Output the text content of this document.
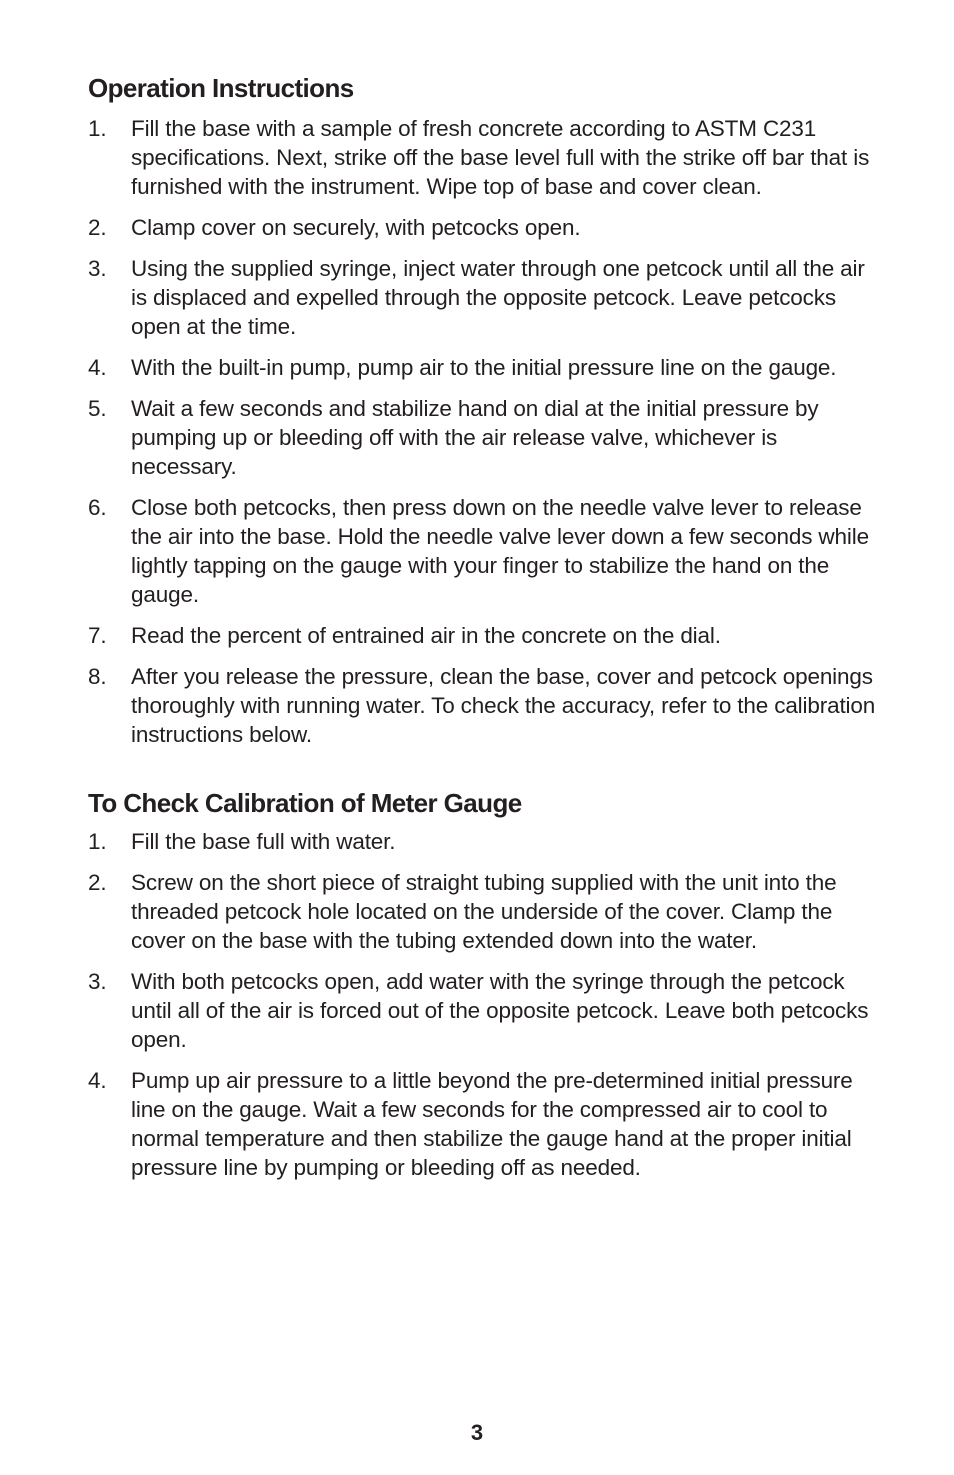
Operation Instructions
1. Fill the base with a sample of fresh concrete according to ASTM C231 specifications. Next, strike off the base level full with the strike off bar that is furnished with the instrument. Wipe top of base and cover clean.
2. Clamp cover on securely, with petcocks open.
3. Using the supplied syringe, inject water through one petcock until all the air is displaced and expelled through the opposite petcock. Leave petcocks open at the time.
4. With the built-in pump, pump air to the initial pressure line on the gauge.
5. Wait a few seconds and stabilize hand on dial at the initial pressure by pumping up or bleeding off with the air release valve, whichever is necessary.
6. Close both petcocks, then press down on the needle valve lever to release the air into the base. Hold the needle valve lever down a few seconds while lightly tapping on the gauge with your finger to stabilize the hand on the gauge.
7. Read the percent of entrained air in the concrete on the dial.
8. After you release the pressure, clean the base, cover and petcock openings thoroughly with running water. To check the accuracy, refer to the calibration instructions below.
To Check Calibration of Meter Gauge
1. Fill the base full with water.
2. Screw on the short piece of straight tubing supplied with the unit into the threaded petcock hole located on the underside of the cover. Clamp the cover on the base with the tubing extended down into the water.
3. With both petcocks open, add water with the syringe through the petcock until all of the air is forced out of the opposite petcock. Leave both petcocks open.
4. Pump up air pressure to a little beyond the pre-determined initial pressure line on the gauge. Wait a few seconds for the compressed air to cool to normal temperature and then stabilize the gauge hand at the proper initial pressure line by pumping or bleeding off as needed.
3
